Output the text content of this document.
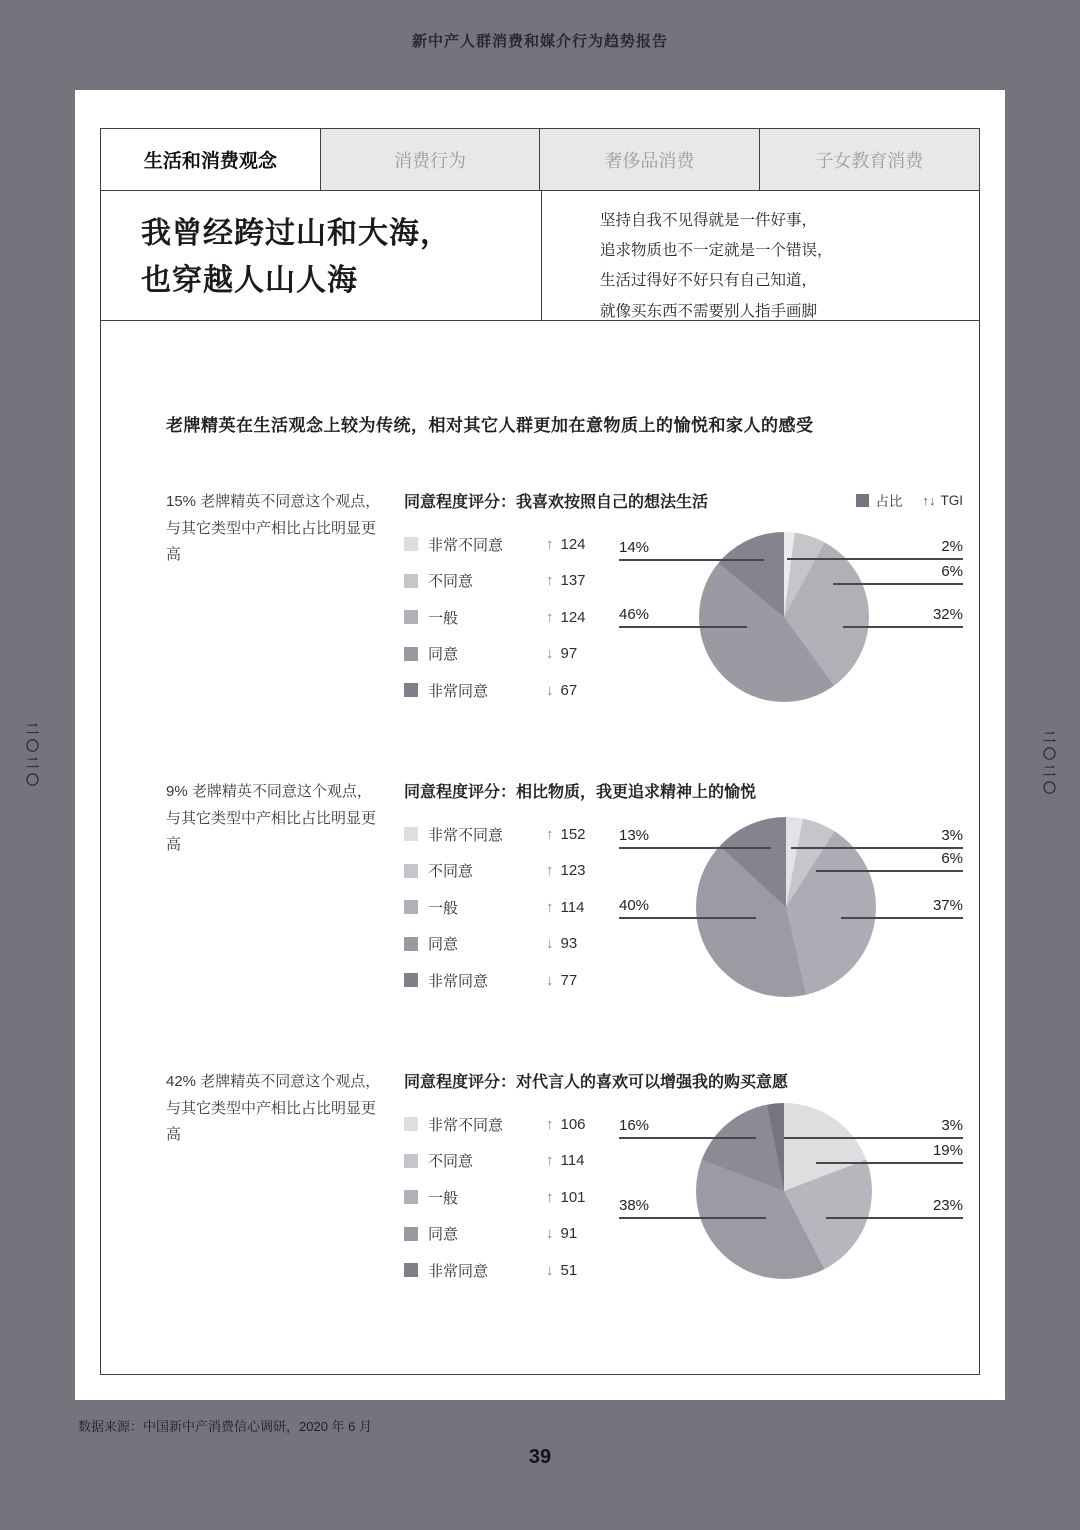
新中产人群消费和媒介行为趋势报告
二〇二〇	二〇二〇
生活和消费观念	消费行为	奢侈品消费	子女教育消费
我曾经跨过山和大海，
也穿越人山人海
坚持自我不见得就是一件好事，
追求物质也不一定就是一个错误，
生活过得好不好只有自己知道，
就像买东西不需要别人指手画脚
老牌精英在生活观念上较为传统，相对其它人群更加在意物质上的愉悦和家人的感受
15% 老牌精英不同意这个观点，与其它类型中产相比占比明显更高
同意程度评分：我喜欢按照自己的想法生活	占比 ↑↓ TGI
非常不同意	↑ 124
不同意	↑ 137
一般	↑ 124
同意	↓ 97
非常同意	↓ 67
14%
46%
2%
6%
32%
9% 老牌精英不同意这个观点，与其它类型中产相比占比明显更高
同意程度评分：相比物质，我更追求精神上的愉悦
非常不同意	↑ 152
不同意	↑ 123
一般	↑ 114
同意	↓ 93
非常同意	↓ 77
13%
40%
3%
6%
37%
42% 老牌精英不同意这个观点，与其它类型中产相比占比明显更高
同意程度评分：对代言人的喜欢可以增强我的购买意愿
非常不同意	↑ 106
不同意	↑ 114
一般	↑ 101
同意	↓ 91
非常同意	↓ 51
16%
38%
3%
19%
23%
数据来源：中国新中产消费信心调研，2020 年 6 月
39
